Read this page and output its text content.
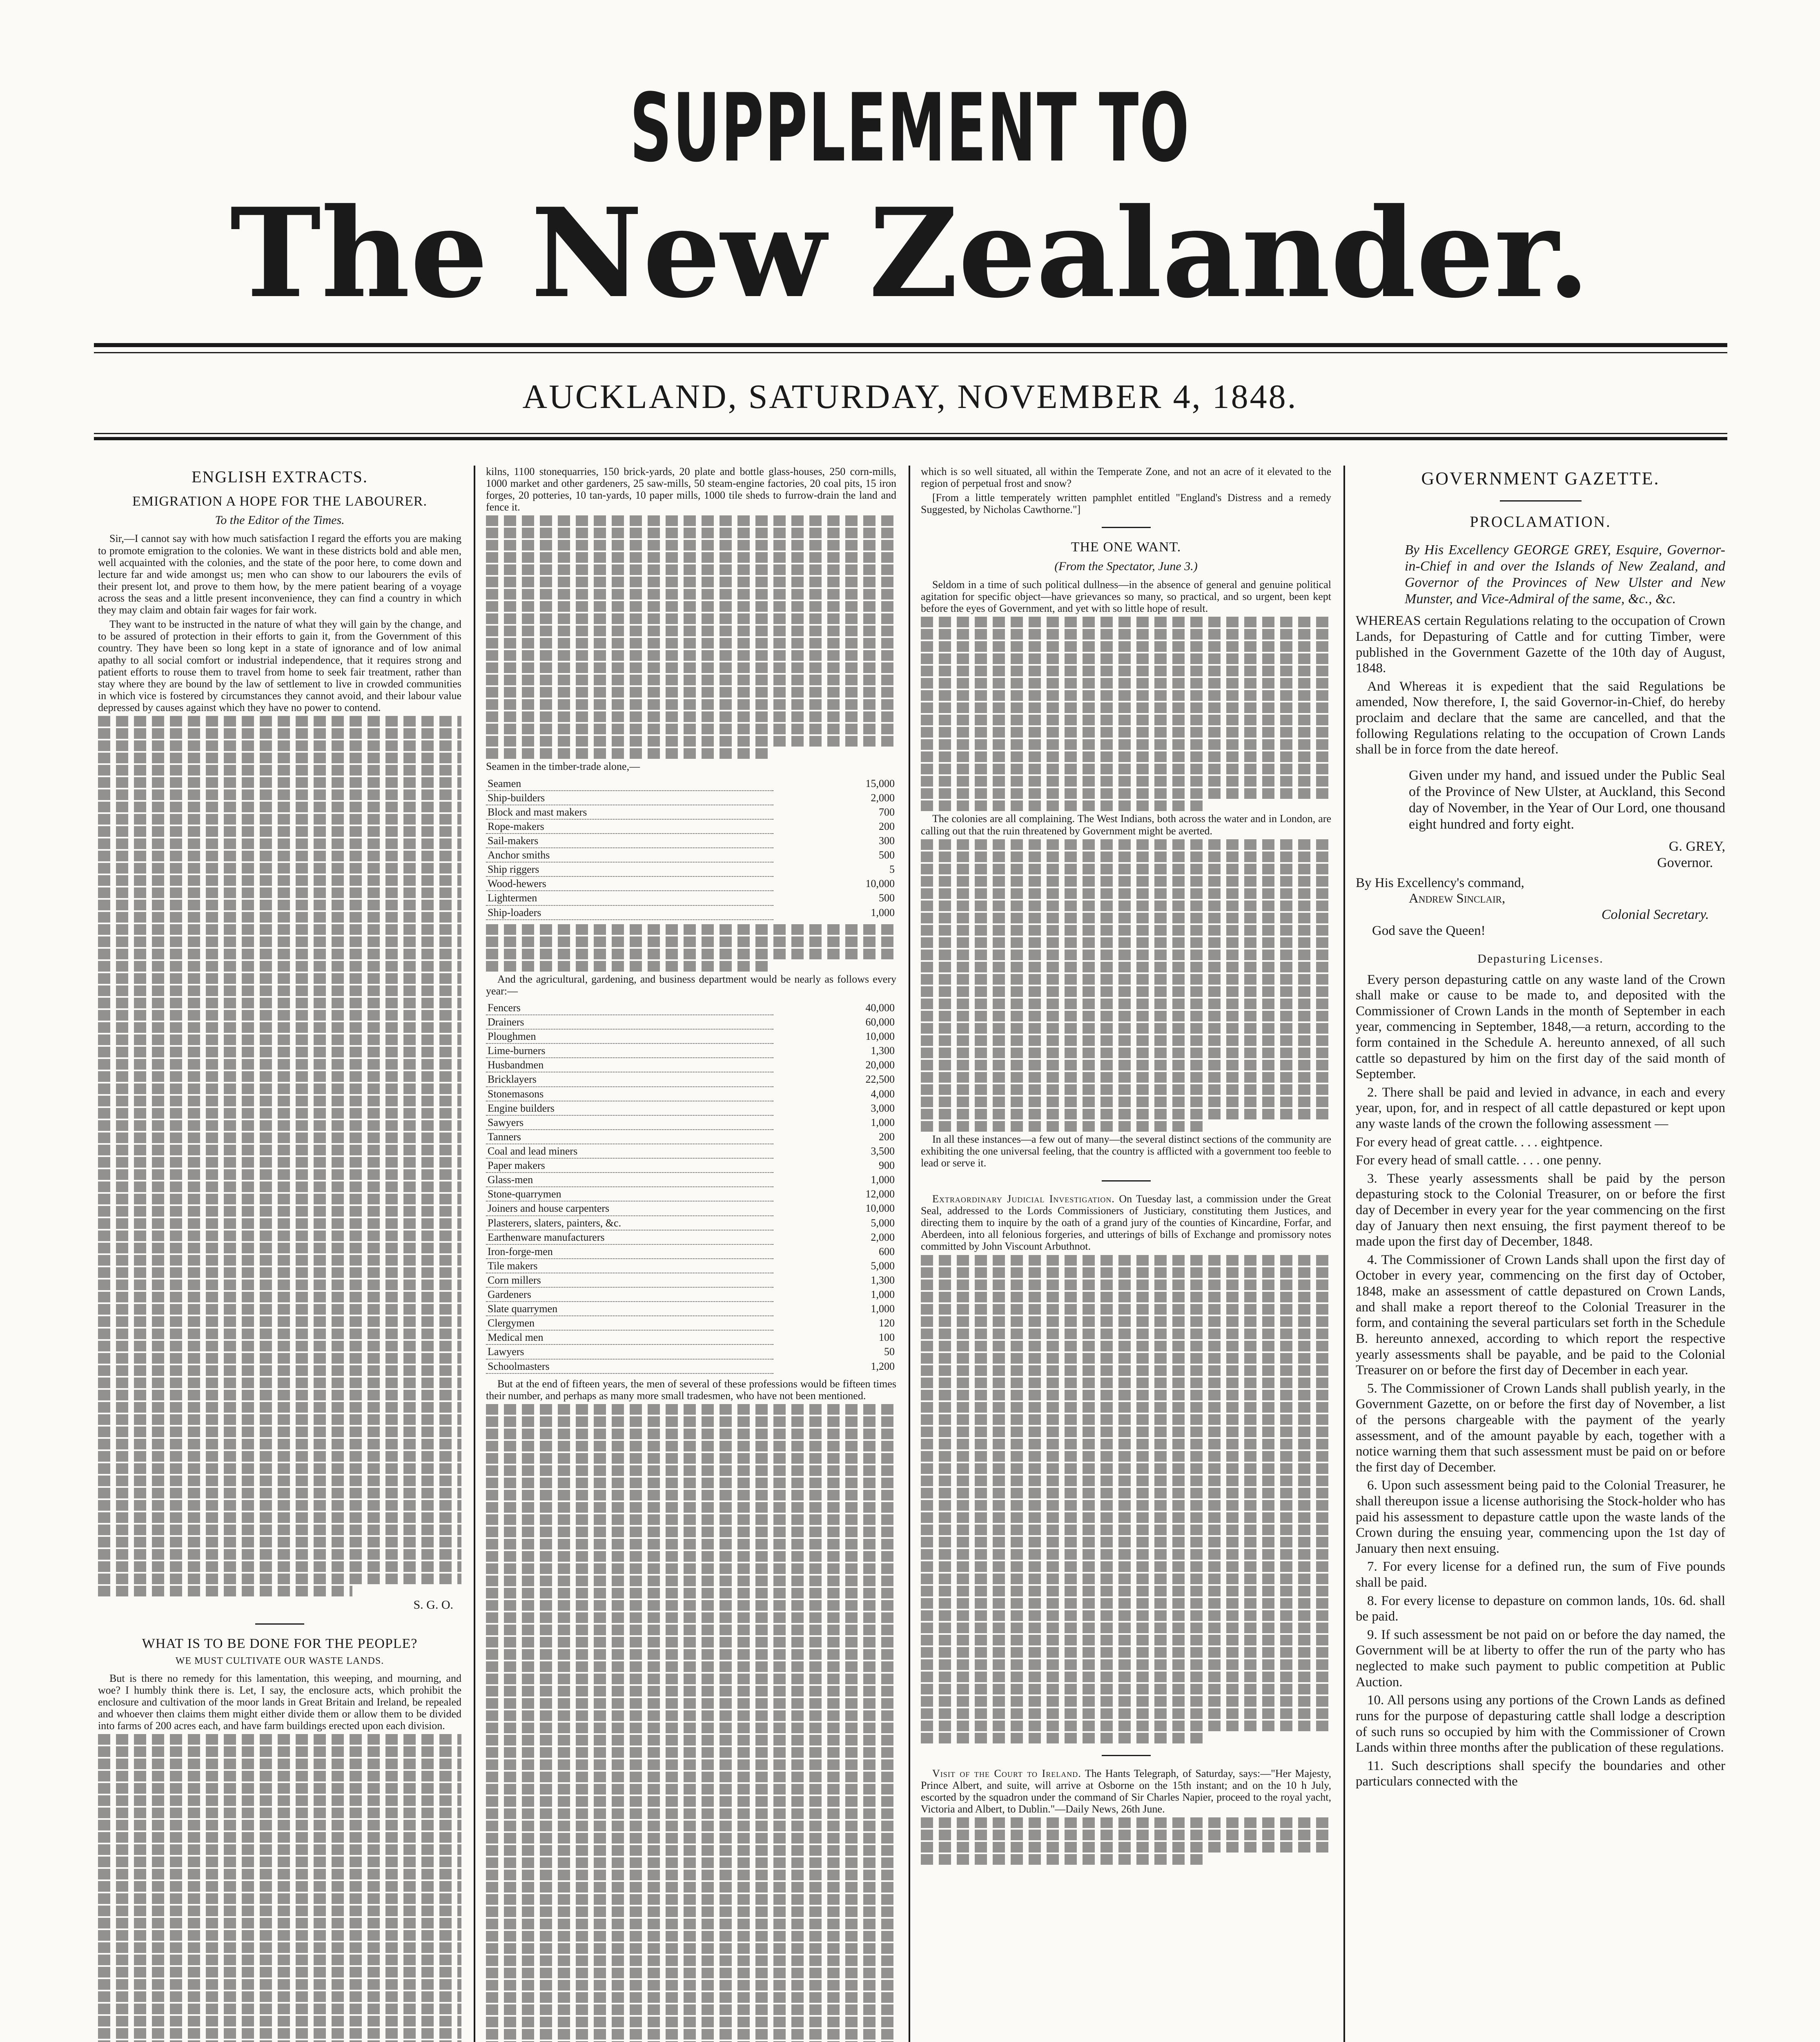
SUPPLEMENT TO
The New Zealander.
AUCKLAND, SATURDAY, NOVEMBER 4, 1848.
ENGLISH EXTRACTS.
EMIGRATION A HOPE FOR THE LABOURER.
To the Editor of the Times.

Sir,—I cannot say with how much satisfaction I regard the efforts you are making to promote emigration to the colonies. We want in these districts bold and able men, well acquainted with the colonies, and the state of the poor here, to come down and lecture far and wide amongst us; men who can show to our labourers the evils of their present lot, and prove to them how, by the mere patient bearing of a voyage across the seas and a little present inconvenience, they can find a country in which they may claim and obtain fair wages for fair work.

They want to be instructed in the nature of what they will gain by the change, and to be assured of protection in their efforts to gain it, from the Government of this country. They have been so long kept in a state of ignorance and of low animal apathy to all social comfort or industrial independence, that it requires strong and patient efforts to rouse them to travel from home to seek fair treatment, rather than stay where they are bound by the law of settlement to live in crowded communities in which vice is fostered by circumstances they cannot avoid, and their labour value depressed by causes against which they have no power to contend.

S. G. O.
WHAT IS TO BE DONE FOR THE PEOPLE?
WE MUST CULTIVATE OUR WASTE LANDS.

But is there no remedy for this lamentation, this weeping, and mourning, and woe? I humbly think there is. Let, I say, the enclosure acts, which prohibit the enclosure and cultivation of the moor lands in Great Britain and Ireland, be repealed and whoever then claims them might either divide them or allow them to be divided into farms of 200 acres each, and have farm buildings erected upon each division.

kilns, 1100 stonequarries, 150 brick-yards, 20 plate and bottle glass-houses, 250 corn-mills, 1000 market and other gardeners, 25 saw-mills, 50 steam-engine factories, 20 coal pits, 15 iron forges, 20 potteries, 10 tan-yards, 10 paper mills, 1000 tile sheds to furrow-drain the land and fence it.

Seamen in the timber-trade alone,—

Seamen	15,000
Ship-builders	2,000
Block and mast makers	700
Rope-makers	200
Sail-makers	300
Anchor smiths	500
Ship riggers	5
Wood-hewers	10,000
Lightermen	500
Ship-loaders	1,000

And the agricultural, gardening, and business department would be nearly as follows every year:—

Fencers	40,000
Drainers	60,000
Ploughmen	10,000
Lime-burners	1,300
Husbandmen	20,000
Bricklayers	22,500
Stonemasons	4,000
Engine builders	3,000
Sawyers	1,000
Tanners	200
Coal and lead miners	3,500
Paper makers	900
Glass-men	1,000
Stone-quarrymen	12,000
Joiners and house carpenters	10,000
Plasterers, slaters, painters, &c.	5,000
Earthenware manufacturers	2,000
Iron-forge-men	600
Tile makers	5,000
Corn millers	1,300
Gardeners	1,000
Slate quarrymen	1,000
Clergymen	120
Medical men	100
Lawyers	50
Schoolmasters	1,200

But at the end of fifteen years, the men of several of these professions would be fifteen times their number, and perhaps as many more small tradesmen, who have not been mentioned.

which is so well situated, all within the Temperate Zone, and not an acre of it elevated to the region of perpetual frost and snow?

[From a little temperately written pamphlet entitled "England's Distress and a remedy Suggested, by Nicholas Cawthorne."]

THE ONE WANT.
(From the Spectator, June 3.)

Seldom in a time of such political dullness—in the absence of general and genuine political agitation for specific object—have grievances so many, so practical, and so urgent, been kept before the eyes of Government, and yet with so little hope of result.

The colonies are all complaining. The West Indians, both across the water and in London, are calling out that the ruin threatened by Government might be averted.

In all these instances—a few out of many—the several distinct sections of the community are exhibiting the one universal feeling, that the country is afflicted with a government too feeble to lead or serve it.

Extraordinary Judicial Investigation. On Tuesday last, a commission under the Great Seal, addressed to the Lords Commissioners of Justiciary, constituting them Justices, and directing them to inquire by the oath of a grand jury of the counties of Kincardine, Forfar, and Aberdeen, into all felonious forgeries, and utterings of bills of Exchange and promissory notes committed by John Viscount Arbuthnot.

Visit of the Court to Ireland. The Hants Telegraph, of Saturday, says:—"Her Majesty, Prince Albert, and suite, will arrive at Osborne on the 15th instant; and on the 10 h July, escorted by the squadron under the command of Sir Charles Napier, proceed to the royal yacht, Victoria and Albert, to Dublin."—Daily News, 26th June.

GOVERNMENT GAZETTE.
PROCLAMATION.
By His Excellency GEORGE GREY, Esquire, Governor-in-Chief in and over the Islands of New Zealand, and Governor of the Provinces of New Ulster and New Munster, and Vice-Admiral of the same, &c., &c.

WHEREAS certain Regulations relating to the occupation of Crown Lands, for Depasturing of Cattle and for cutting Timber, were published in the Government Gazette of the 10th day of August, 1848.

And Whereas it is expedient that the said Regulations be amended, Now therefore, I, the said Governor-in-Chief, do hereby proclaim and declare that the same are cancelled, and that the following Regulations relating to the occupation of Crown Lands shall be in force from the date hereof.

Given under my hand, and issued under the Public Seal of the Province of New Ulster, at Auckland, this Second day of November, in the Year of Our Lord, one thousand eight hundred and forty eight.
G. GREY,
Governor.
By His Excellency's command,
Andrew Sinclair,
Colonial Secretary.
God save the Queen!
Depasturing Licenses.

Every person depasturing cattle on any waste land of the Crown shall make or cause to be made to, and deposited with the Commissioner of Crown Lands in the month of September in each year, commencing in September, 1848,—a return, according to the form contained in the Schedule A. hereunto annexed, of all such cattle so depastured by him on the first day of the said month of September.

2. There shall be paid and levied in advance, in each and every year, upon, for, and in respect of all cattle depastured or kept upon any waste lands of the crown the following assessment —

For every head of great cattle. . . . eightpence.

For every head of small cattle. . . . one penny.

3. These yearly assessments shall be paid by the person depasturing stock to the Colonial Treasurer, on or before the first day of December in every year for the year commencing on the first day of January then next ensuing, the first payment thereof to be made upon the first day of December, 1848.

4. The Commissioner of Crown Lands shall upon the first day of October in every year, commencing on the first day of October, 1848, make an assessment of cattle depastured on Crown Lands, and shall make a report thereof to the Colonial Treasurer in the form, and containing the several particulars set forth in the Schedule B. hereunto annexed, according to which report the respective yearly assessments shall be payable, and be paid to the Colonial Treasurer on or before the first day of December in each year.

5. The Commissioner of Crown Lands shall publish yearly, in the Government Gazette, on or before the first day of November, a list of the persons chargeable with the payment of the yearly assessment, and of the amount payable by each, together with a notice warning them that such assessment must be paid on or before the first day of December.

6. Upon such assessment being paid to the Colonial Treasurer, he shall thereupon issue a license authorising the Stock-holder who has paid his assessment to depasture cattle upon the waste lands of the Crown during the ensuing year, commencing upon the 1st day of January then next ensuing.

7. For every license for a defined run, the sum of Five pounds shall be paid.

8. For every license to depasture on common lands, 10s. 6d. shall be paid.

9. If such assessment be not paid on or before the day named, the Government will be at liberty to offer the run of the party who has neglected to make such payment to public competition at Public Auction.

10. All persons using any portions of the Crown Lands as defined runs for the purpose of depasturing cattle shall lodge a description of such runs so occupied by him with the Commissioner of Crown Lands within three months after the publication of these regulations.

11. Such descriptions shall specify the boundaries and other particulars connected with the
